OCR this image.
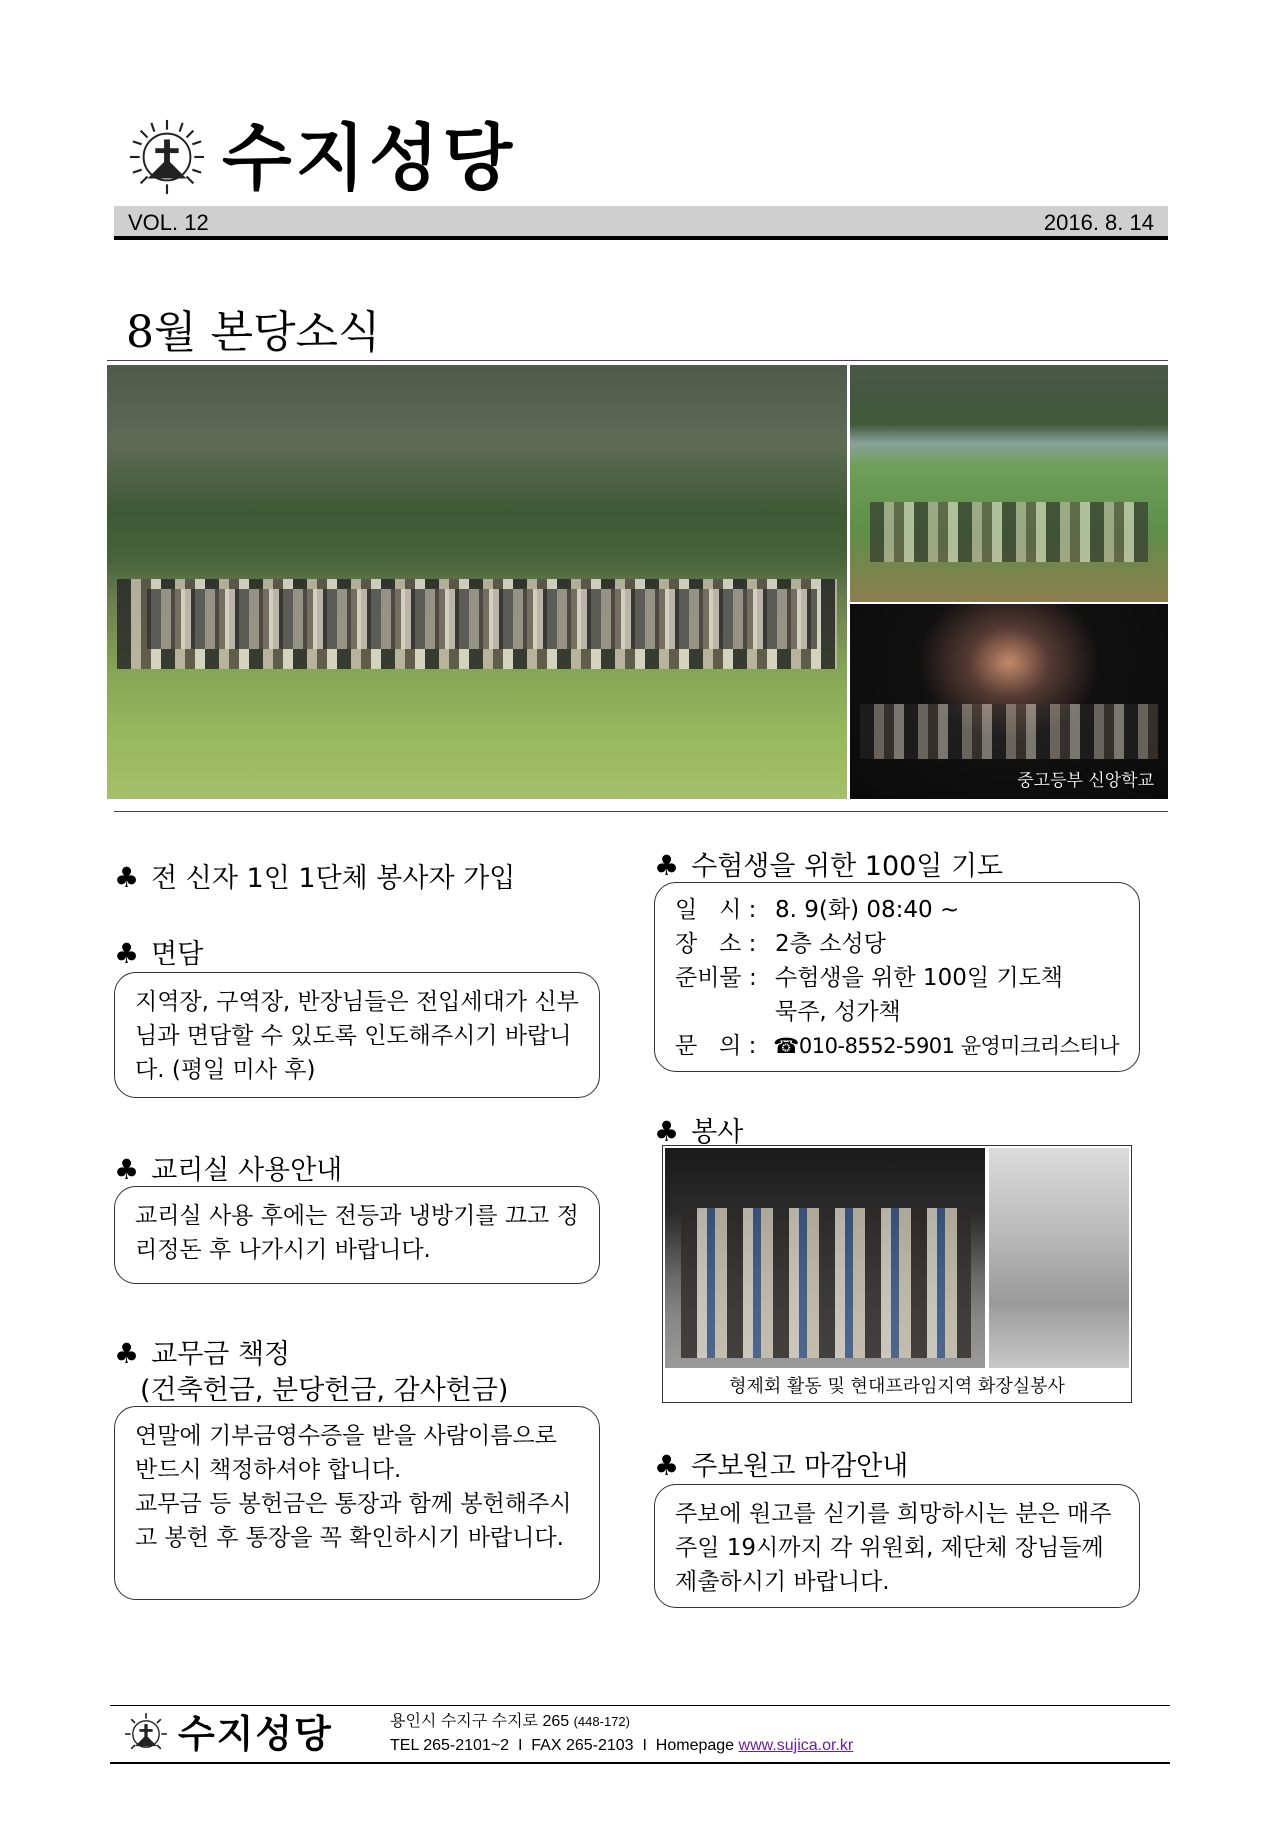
수지성당
VOL. 12	2016. 8. 14
8월 본당소식
중고등부 신앙학교
♣ 전 신자 1인 1단체 봉사자 가입
♣ 면담

지역장, 구역장, 반장님들은 전입세대가 신부님과 면담할 수 있도록 인도해주시기 바랍니다. (평일 미사 후)

♣ 교리실 사용안내

교리실 사용 후에는 전등과 냉방기를 끄고 정리정돈 후 나가시기 바랍니다.

♣ 교무금 책정
(건축헌금, 분당헌금, 감사헌금)

연말에 기부금영수증을 받을 사람이름으로 반드시 책정하셔야 합니다.

교무금 등 봉헌금은 통장과 함께 봉헌해주시고 봉헌 후 통장을 꼭 확인하시기 바랍니다.

♣ 수험생을 위한 100일 기도
일   시 : 8. 9(화) 08:40 ~
장   소 : 2층 소성당
준비물 : 수험생을 위한 100일 기도책
묵주, 성가책
문   의 : ☎010-8552-5901 윤영미크리스티나
♣ 봉사
형제회 활동 및 현대프라임지역 화장실봉사
♣ 주보원고 마감안내

주보에 원고를 싣기를 희망하시는 분은 매주 주일 19시까지 각 위원회, 제단체 장님들께 제출하시기 바랍니다.

수지성당	용인시 수지구 수지로 265 (448-172)
TEL 265-2101~2  I  FAX 265-2103  I  Homepage www.sujica.or.kr
